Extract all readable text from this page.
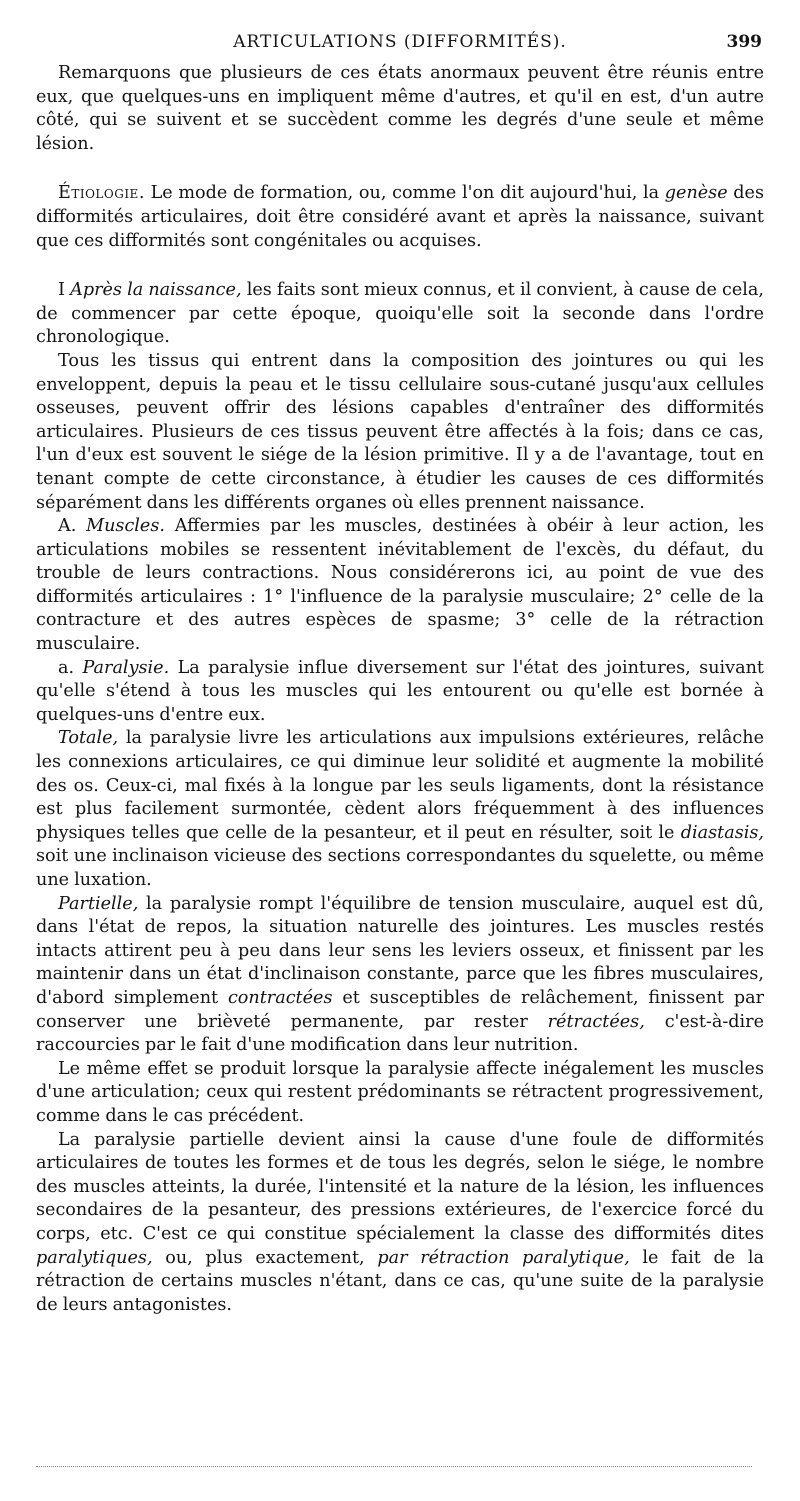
ARTICULATIONS (DIFFORMITÉS).	399

Remarquons que plusieurs de ces états anormaux peuvent être réunis entre eux, que quelques-uns en impliquent même d'autres, et qu'il en est, d'un autre côté, qui se suivent et se succèdent comme les degrés d'une seule et même lésion.

Étiologie. Le mode de formation, ou, comme l'on dit aujourd'hui, la genèse des difformités articulaires, doit être considéré avant et après la naissance, suivant que ces difformités sont congénitales ou acquises.

I Après la naissance, les faits sont mieux connus, et il convient, à cause de cela, de commencer par cette époque, quoiqu'elle soit la seconde dans l'ordre chronologique.

Tous les tissus qui entrent dans la composition des jointures ou qui les enveloppent, depuis la peau et le tissu cellulaire sous-cutané jusqu'aux cellules osseuses, peuvent offrir des lésions capables d'entraîner des difformités articulaires. Plusieurs de ces tissus peuvent être affectés à la fois; dans ce cas, l'un d'eux est souvent le siége de la lésion primitive. Il y a de l'avantage, tout en tenant compte de cette circonstance, à étudier les causes de ces difformités séparément dans les différents organes où elles prennent naissance.

A. Muscles. Affermies par les muscles, destinées à obéir à leur action, les articulations mobiles se ressentent inévitablement de l'excès, du défaut, du trouble de leurs contractions. Nous considérerons ici, au point de vue des difformités articulaires : 1° l'influence de la paralysie musculaire; 2° celle de la contracture et des autres espèces de spasme; 3° celle de la rétraction musculaire.

a. Paralysie. La paralysie influe diversement sur l'état des jointures, suivant qu'elle s'étend à tous les muscles qui les entourent ou qu'elle est bornée à quelques-uns d'entre eux.

Totale, la paralysie livre les articulations aux impulsions extérieures, relâche les connexions articulaires, ce qui diminue leur solidité et augmente la mobilité des os. Ceux-ci, mal fixés à la longue par les seuls ligaments, dont la résistance est plus facilement surmontée, cèdent alors fréquemment à des influences physiques telles que celle de la pesanteur, et il peut en résulter, soit le diastasis, soit une inclinaison vicieuse des sections correspondantes du squelette, ou même une luxation.

Partielle, la paralysie rompt l'équilibre de tension musculaire, auquel est dû, dans l'état de repos, la situation naturelle des jointures. Les muscles restés intacts attirent peu à peu dans leur sens les leviers osseux, et finissent par les maintenir dans un état d'inclinaison constante, parce que les fibres musculaires, d'abord simplement contractées et susceptibles de relâchement, finissent par conserver une brièveté permanente, par rester rétractées, c'est-à-dire raccourcies par le fait d'une modification dans leur nutrition.

Le même effet se produit lorsque la paralysie affecte inégalement les muscles d'une articulation; ceux qui restent prédominants se rétractent progressivement, comme dans le cas précédent.

La paralysie partielle devient ainsi la cause d'une foule de difformités articulaires de toutes les formes et de tous les degrés, selon le siége, le nombre des muscles atteints, la durée, l'intensité et la nature de la lésion, les influences secondaires de la pesanteur, des pressions extérieures, de l'exercice forcé du corps, etc. C'est ce qui constitue spécialement la classe des difformités dites paralytiques, ou, plus exactement, par rétraction paralytique, le fait de la rétraction de certains muscles n'étant, dans ce cas, qu'une suite de la paralysie de leurs antagonistes.
